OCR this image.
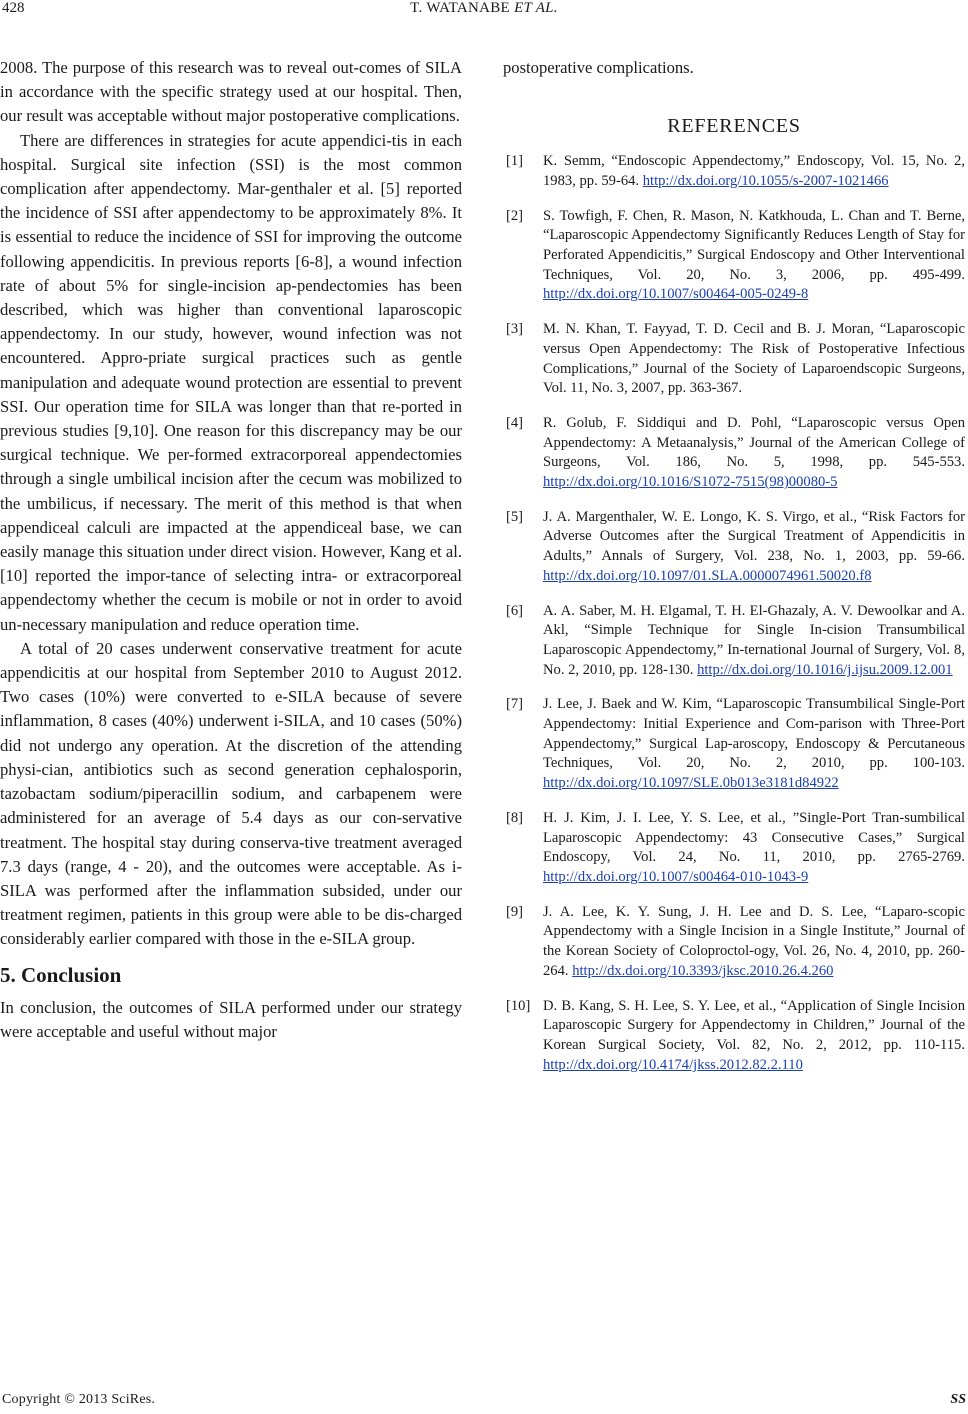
428	T. WATANABE ET AL.

2008. The purpose of this research was to reveal out-comes of SILA in accordance with the specific strategy used at our hospital. Then, our result was acceptable without major postoperative complications.

There are differences in strategies for acute appendici-tis in each hospital. Surgical site infection (SSI) is the most common complication after appendectomy. Mar-genthaler et al. [5] reported the incidence of SSI after appendectomy to be approximately 8%. It is essential to reduce the incidence of SSI for improving the outcome following appendicitis. In previous reports [6-8], a wound infection rate of about 5% for single-incision ap-pendectomies has been described, which was higher than conventional laparoscopic appendectomy. In our study, however, wound infection was not encountered. Appro-priate surgical practices such as gentle manipulation and adequate wound protection are essential to prevent SSI. Our operation time for SILA was longer than that re-ported in previous studies [9,10]. One reason for this discrepancy may be our surgical technique. We per-formed extracorporeal appendectomies through a single umbilical incision after the cecum was mobilized to the umbilicus, if necessary. The merit of this method is that when appendiceal calculi are impacted at the appendiceal base, we can easily manage this situation under direct vision. However, Kang et al. [10] reported the impor-tance of selecting intra- or extracorporeal appendectomy whether the cecum is mobile or not in order to avoid un-necessary manipulation and reduce operation time.

A total of 20 cases underwent conservative treatment for acute appendicitis at our hospital from September 2010 to August 2012. Two cases (10%) were converted to e-SILA because of severe inflammation, 8 cases (40%) underwent i-SILA, and 10 cases (50%) did not undergo any operation. At the discretion of the attending physi-cian, antibiotics such as second generation cephalosporin, tazobactam sodium/piperacillin sodium, and carbapenem were administered for an average of 5.4 days as our con-servative treatment. The hospital stay during conserva-tive treatment averaged 7.3 days (range, 4 - 20), and the outcomes were acceptable. As i-SILA was performed after the inflammation subsided, under our treatment regimen, patients in this group were able to be dis-charged considerably earlier compared with those in the e-SILA group.

5. Conclusion

In conclusion, the outcomes of SILA performed under our strategy were acceptable and useful without major

postoperative complications.

REFERENCES
[1] K. Semm, “Endoscopic Appendectomy,” Endoscopy, Vol. 15, No. 2, 1983, pp. 59-64. http://dx.doi.org/10.1055/s-2007-1021466
[2] S. Towfigh, F. Chen, R. Mason, N. Katkhouda, L. Chan and T. Berne, “Laparoscopic Appendectomy Significantly Reduces Length of Stay for Perforated Appendicitis,” Surgical Endoscopy and Other Interventional Techniques, Vol. 20, No. 3, 2006, pp. 495-499. http://dx.doi.org/10.1007/s00464-005-0249-8
[3] M. N. Khan, T. Fayyad, T. D. Cecil and B. J. Moran, “Laparoscopic versus Open Appendectomy: The Risk of Postoperative Infectious Complications,” Journal of the Society of Laparoendscopic Surgeons, Vol. 11, No. 3, 2007, pp. 363-367.
[4] R. Golub, F. Siddiqui and D. Pohl, “Laparoscopic versus Open Appendectomy: A Metaanalysis,” Journal of the American College of Surgeons, Vol. 186, No. 5, 1998, pp. 545-553. http://dx.doi.org/10.1016/S1072-7515(98)00080-5
[5] J. A. Margenthaler, W. E. Longo, K. S. Virgo, et al., “Risk Factors for Adverse Outcomes after the Surgical Treatment of Appendicitis in Adults,” Annals of Surgery, Vol. 238, No. 1, 2003, pp. 59-66. http://dx.doi.org/10.1097/01.SLA.0000074961.50020.f8
[6] A. A. Saber, M. H. Elgamal, T. H. El-Ghazaly, A. V. Dewoolkar and A. Akl, “Simple Technique for Single In-cision Transumbilical Laparoscopic Appendectomy,” In-ternational Journal of Surgery, Vol. 8, No. 2, 2010, pp. 128-130. http://dx.doi.org/10.1016/j.ijsu.2009.12.001
[7] J. Lee, J. Baek and W. Kim, “Laparoscopic Transumbilical Single-Port Appendectomy: Initial Experience and Com-parison with Three-Port Appendectomy,” Surgical Lap-aroscopy, Endoscopy & Percutaneous Techniques, Vol. 20, No. 2, 2010, pp. 100-103. http://dx.doi.org/10.1097/SLE.0b013e3181d84922
[8] H. J. Kim, J. I. Lee, Y. S. Lee, et al., ”Single-Port Tran-sumbilical Laparoscopic Appendectomy: 43 Consecutive Cases,” Surgical Endoscopy, Vol. 24, No. 11, 2010, pp. 2765-2769. http://dx.doi.org/10.1007/s00464-010-1043-9
[9] J. A. Lee, K. Y. Sung, J. H. Lee and D. S. Lee, “Laparo-scopic Appendectomy with a Single Incision in a Single Institute,” Journal of the Korean Society of Coloproctol-ogy, Vol. 26, No. 4, 2010, pp. 260-264. http://dx.doi.org/10.3393/jksc.2010.26.4.260
[10] D. B. Kang, S. H. Lee, S. Y. Lee, et al., “Application of Single Incision Laparoscopic Surgery for Appendectomy in Children,” Journal of the Korean Surgical Society, Vol. 82, No. 2, 2012, pp. 110-115. http://dx.doi.org/10.4174/jkss.2012.82.2.110
Copyright © 2013 SciRes.	SS
